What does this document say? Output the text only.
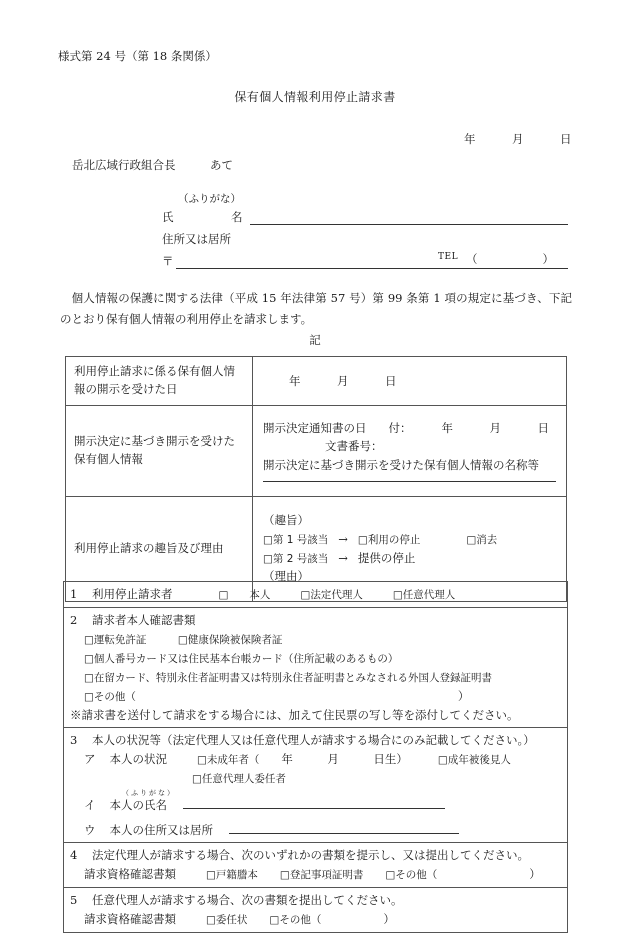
様式第 24 号（第 18 条関係）
保有個人情報利用停止請求書
年　　　月　　　日
岳北広域行政組合長　　　あて
（ふりがな）
氏　　　　　名
住所又は居所
〒	TEL （　　）
　個人情報の保護に関する法律（平成 15 年法律第 57 号）第 99 条第 1 項の規定に基づき、下記のとおり保有個人情報の利用停止を請求します。
記
利用停止請求に係る保有個人情報の開示を受けた日	年　　　月　　　日
開示決定に基づき開示を受けた保有個人情報	開示決定通知書の日 付： 年　　　月　　　日
文書番号：
開示決定に基づき開示を受けた保有個人情報の名称等

利用停止請求の趣旨及び理由	（趣旨）
□第 1 号該当 → □利用の停止 □消去
□第 2 号該当 → 提供の停止
（理由）
1 利用停止請求者	□　　本人	□法定代理人	□任意代理人

2 請求者本人確認書類
□運転免許証　　　□健康保険被保険者証
□個人番号カード又は住民基本台帳カード（住所記載のあるもの）
□在留カード、特別永住者証明書又は特別永住者証明書とみなされる外国人登録証明書
□その他（	）
※請求書を送付して請求をする場合には、加えて住民票の写し等を添付してください。

3 本人の状況等（法定代理人又は任意代理人が請求する場合にのみ記載してください。）
ア 本人の状況	□未成年者（ 年　　　月　　　日生）	□成年被後見人
□任意代理人委任者
（ふりがな）
イ 本人の氏名
ウ 本人の住所又は居所

4 法定代理人が請求する場合、次のいずれかの書類を提示し、又は提出してください。
請求資格確認書類	□戸籍謄本 □登記事項証明書 □その他（	）

5 任意代理人が請求する場合、次の書類を提出してください。
請求資格確認書類	□委任状 □その他（	）
